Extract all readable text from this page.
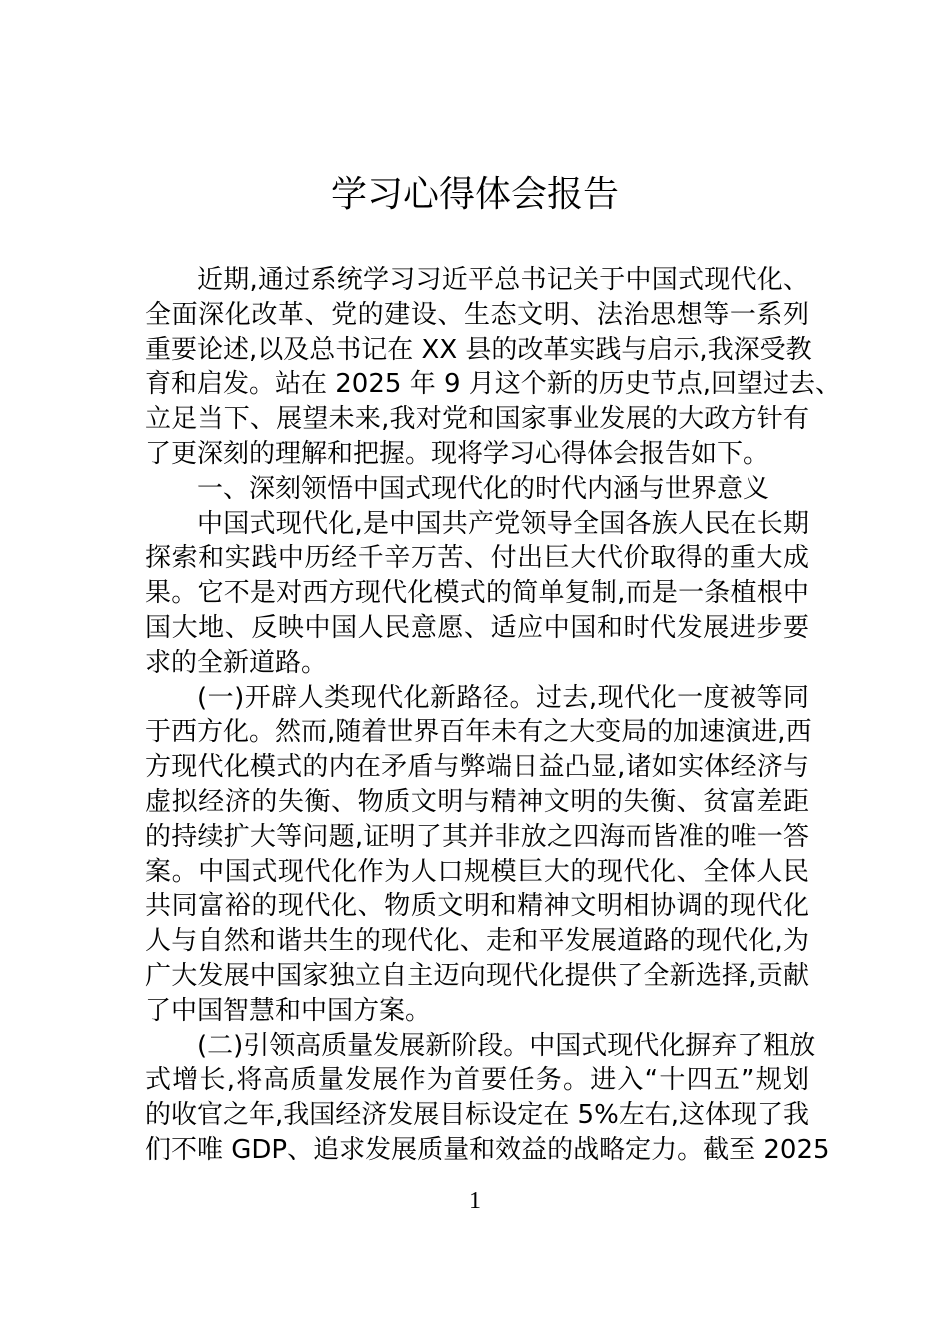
学习心得体会报告
近期,通过系统学习习近平总书记关于中国式现代化、
全面深化改革、党的建设、生态文明、法治思想等一系列
重要论述,以及总书记在 XX 县的改革实践与启示,我深受教
育和启发。站在 2025 年 9 月这个新的历史节点,回望过去、
立足当下、展望未来,我对党和国家事业发展的大政方针有
了更深刻的理解和把握。现将学习心得体会报告如下。
一、深刻领悟中国式现代化的时代内涵与世界意义
中国式现代化,是中国共产党领导全国各族人民在长期
探索和实践中历经千辛万苦、付出巨大代价取得的重大成
果。它不是对西方现代化模式的简单复制,而是一条植根中
国大地、反映中国人民意愿、适应中国和时代发展进步要
求的全新道路。
(一)开辟人类现代化新路径。过去,现代化一度被等同
于西方化。然而,随着世界百年未有之大变局的加速演进,西
方现代化模式的内在矛盾与弊端日益凸显,诸如实体经济与
虚拟经济的失衡、物质文明与精神文明的失衡、贫富差距
的持续扩大等问题,证明了其并非放之四海而皆准的唯一答
案。中国式现代化作为人口规模巨大的现代化、全体人民
共同富裕的现代化、物质文明和精神文明相协调的现代化
人与自然和谐共生的现代化、走和平发展道路的现代化,为
广大发展中国家独立自主迈向现代化提供了全新选择,贡献
了中国智慧和中国方案。
(二)引领高质量发展新阶段。中国式现代化摒弃了粗放
式增长,将高质量发展作为首要任务。进入“十四五”规划
的收官之年,我国经济发展目标设定在 5%左右,这体现了我
们不唯 GDP、追求发展质量和效益的战略定力。截至 2025
1
